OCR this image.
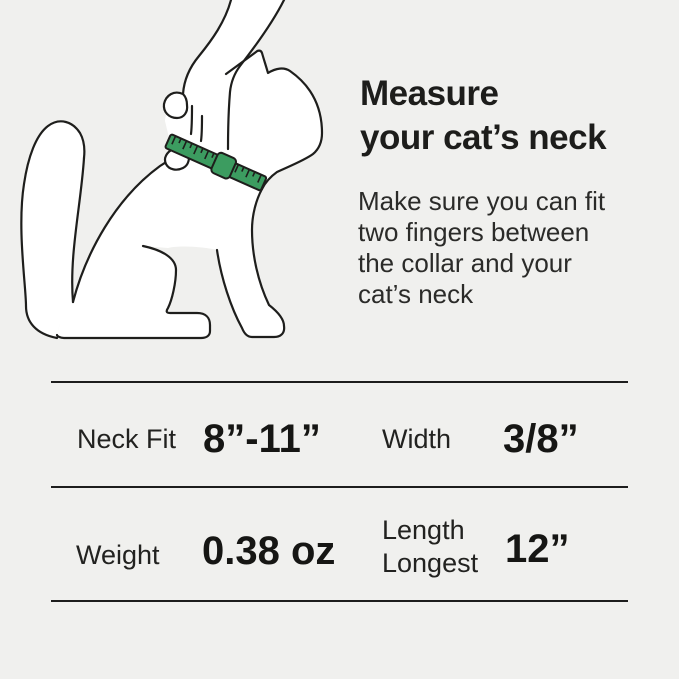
Measure
your cat’s neck
Make sure you can fit
two fingers between
the collar and your
cat’s neck
Neck Fit 8”-11” Width 3/8”
Weight 0.38 oz Length Longest 12”
